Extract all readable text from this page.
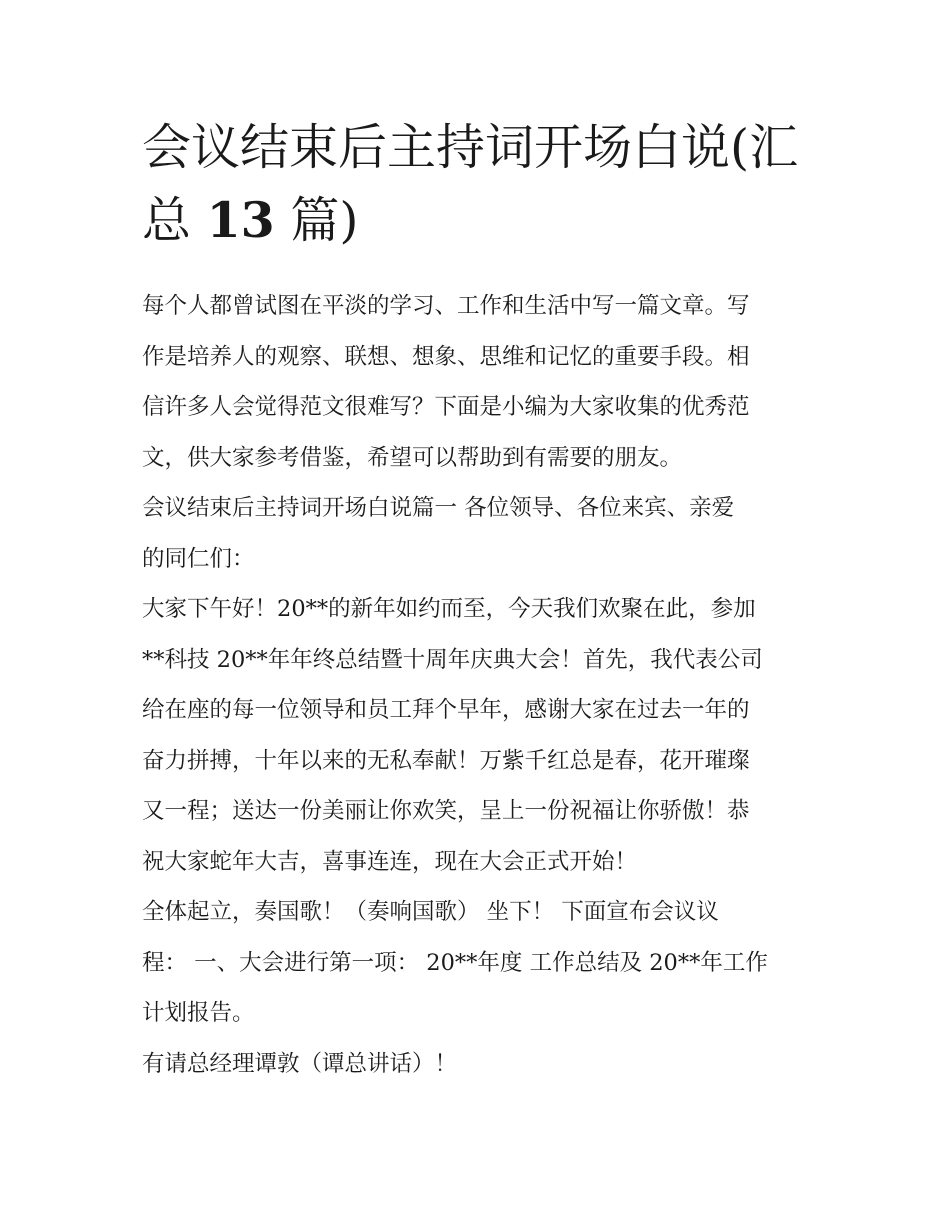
会议结束后主持词开场白说(汇
总 13 篇)

每个人都曾试图在平淡的学习、工作和生活中写一篇文章。写
作是培养人的观察、联想、想象、思维和记忆的重要手段。相
信许多人会觉得范文很难写？下面是小编为大家收集的优秀范
文，供大家参考借鉴，希望可以帮助到有需要的朋友。

会议结束后主持词开场白说篇一 各位领导、各位来宾、亲爱
的同仁们：

大家下午好！20**的新年如约而至，今天我们欢聚在此，参加
**科技 20**年年终总结暨十周年庆典大会！首先，我代表公司
给在座的每一位领导和员工拜个早年，感谢大家在过去一年的
奋力拼搏，十年以来的无私奉献！万紫千红总是春，花开璀璨
又一程；送达一份美丽让你欢笑，呈上一份祝福让你骄傲！恭
祝大家蛇年大吉，喜事连连，现在大会正式开始！

全体起立，奏国歌！（奏响国歌） 坐下！ 下面宣布会议议
程： 一、大会进行第一项： 20**年度 工作总结及 20**年工作
计划报告。

有请总经理谭敦（谭总讲话）！
